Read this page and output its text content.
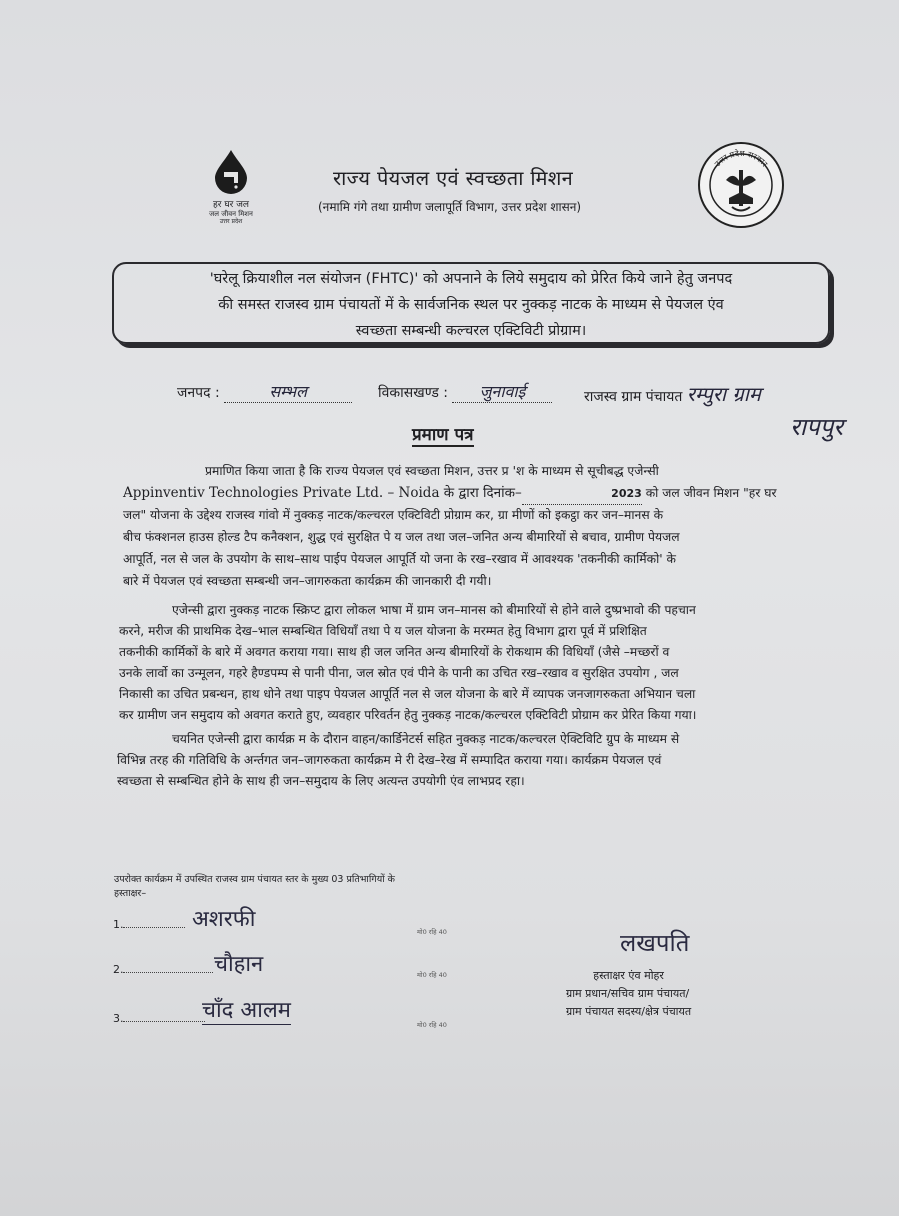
हर घर जल
जल जीवन मिशन
उत्तर प्रदेश
राज्य पेयजल एवं स्वच्छता मिशन
(नमामि गंगे तथा ग्रामीण जलापूर्ति विभाग, उत्तर प्रदेश शासन)
उत्तर प्रदेश सरकार
'घरेलू क्रियाशील नल संयोजन (FHTC)' को अपनाने के लिये समुदाय को प्रेरित किये जाने हेतु जनपद
की समस्त राजस्व ग्राम पंचायतों में के सार्वजनिक स्थल पर नुक्कड़ नाटक के माध्यम से पेयजल एंव
स्वच्छता सम्बन्धी कल्चरल एक्टिविटी प्रोग्राम।
जनपद :	सम्भल	विकासखण्ड : जुनावाई	राजस्व ग्राम पंचायत रम्पुरा ग्राम
रापपुर
प्रमाण पत्र
प्रमाणित किया जाता है कि राज्य पेयजल एवं स्वच्छता मिशन, उत्तर प्र 'श के माध्यम से सूचीबद्ध एजेन्सी
Appinventiv Technologies Private Ltd. – Noida के द्वारा दिनांक–	2023 को जल जीवन मिशन "हर घर
जल" योजना के उद्देश्य राजस्व गांवो में नुक्कड़ नाटक/कल्चरल एक्टिविटी प्रोग्राम कर, ग्रा मीणों को इकट्ठा कर जन–मानस के
बीच फंक्शनल हाउस होल्ड टैप कनैक्शन, शुद्ध एवं सुरक्षित पे य जल तथा जल–जनित अन्य बीमारियों से बचाव, ग्रामीण पेयजल
आपूर्ति, नल से जल के उपयोग के साथ–साथ पाईप पेयजल आपूर्ति यो जना के रख–रखाव में आवश्यक 'तकनीकी कार्मिको' के
बारे में पेयजल एवं स्वच्छता सम्बन्धी जन–जागरुकता कार्यक्रम की जानकारी दी गयी।
एजेन्सी द्वारा नुक्कड़ नाटक स्क्रिप्ट द्वारा लोकल भाषा में ग्राम जन–मानस को बीमारियों से होने वाले दुष्प्रभावो की पहचान
करने, मरीज की प्राथमिक देख–भाल सम्बन्धित विधियाँ तथा पे य जल योजना के मरम्मत हेतु विभाग द्वारा पूर्व में प्रशिक्षित
तकनीकी कार्मिकों के बारे में अवगत कराया गया। साथ ही जल जनित अन्य बीमारियों के रोकथाम की विधियाँ (जैसे –मच्छरों व
उनके लार्वो का उन्मूलन, गहरे हैण्डपम्प से पानी पीना, जल स्रोत एवं पीने के पानी का उचित रख–रखाव व सुरक्षित उपयोग , जल
निकासी का उचित प्रबन्धन, हाथ धोने तथा पाइप पेयजल आपूर्ति नल से जल योजना के बारे में व्यापक जनजागरुकता अभियान चला
कर ग्रामीण जन समुदाय को अवगत कराते हुए, व्यवहार परिवर्तन हेतु नुक्कड़ नाटक/कल्चरल एक्टिविटी प्रोग्राम कर प्रेरित किया गया।
चयनित एजेन्सी द्वारा कार्यक्र म के दौरान वाहन/कार्डिनेटर्स सहित नुक्कड़ नाटक/कल्चरल ऐक्टिविटि ग्रुप के माध्यम से
विभिन्न तरह की गतिविधि के अर्न्तगत जन–जागरुकता कार्यक्रम मे री देख–रेख में सम्पादित कराया गया। कार्यक्रम पेयजल एवं
स्वच्छता से सम्बन्धित होने के साथ ही जन–समुदाय के लिए अत्यन्त उपयोगी एंव लाभप्रद रहा।
उपरोक्त कार्यक्रम में उपस्थित राजस्व ग्राम पंचायत स्तर के मुख्य 03 प्रतिभागियों के
हस्ताक्षर–
1.	अशरफी	मो0 रहि 40
2.	चौहान	मो0 रहि 40
3.	चाँद आलम
मो0 रहि 40
लखपति
हस्ताक्षर एंव मोहर
ग्राम प्रधान/सचिव ग्राम पंचायत/
ग्राम पंचायत सदस्य/क्षेत्र पंचायत
